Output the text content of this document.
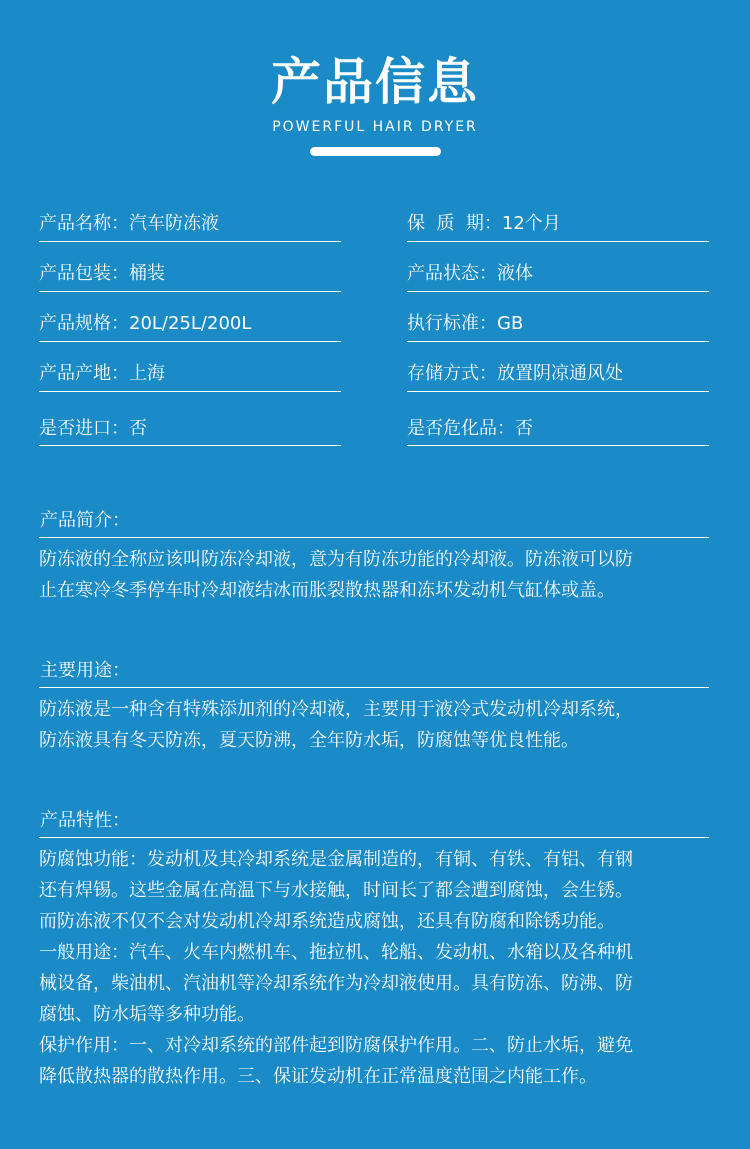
产品信息
POWERFUL HAIR DRYER
产品名称：汽车防冻液
产品包装：桶装
产品规格：20L/25L/200L
产品产地：上海
是否进口：否
保  质  期：12个月
产品状态：液体
执行标准：GB
存储方式：放置阴凉通风处
是否危化品：否
产品简介：

防冻液的全称应该叫防冻冷却液，意为有防冻功能的冷却液。防冻液可以防

止在寒冷冬季停车时冷却液结冰而胀裂散热器和冻坏发动机气缸体或盖。

主要用途：

防冻液是一种含有特殊添加剂的冷却液，主要用于液冷式发动机冷却系统，

防冻液具有冬天防冻，夏天防沸，全年防水垢，防腐蚀等优良性能。

产品特性：

防腐蚀功能：发动机及其冷却系统是金属制造的，有铜、有铁、有铝、有钢

还有焊锡。这些金属在高温下与水接触，时间长了都会遭到腐蚀，会生锈。

而防冻液不仅不会对发动机冷却系统造成腐蚀，还具有防腐和除锈功能。

一般用途：汽车、火车内燃机车、拖拉机、轮船、发动机、水箱以及各种机

械设备，柴油机、汽油机等冷却系统作为冷却液使用。具有防冻、防沸、防

腐蚀、防水垢等多种功能。

保护作用：一、对冷却系统的部件起到防腐保护作用。二、防止水垢，避免

降低散热器的散热作用。三、保证发动机在正常温度范围之内能工作。
